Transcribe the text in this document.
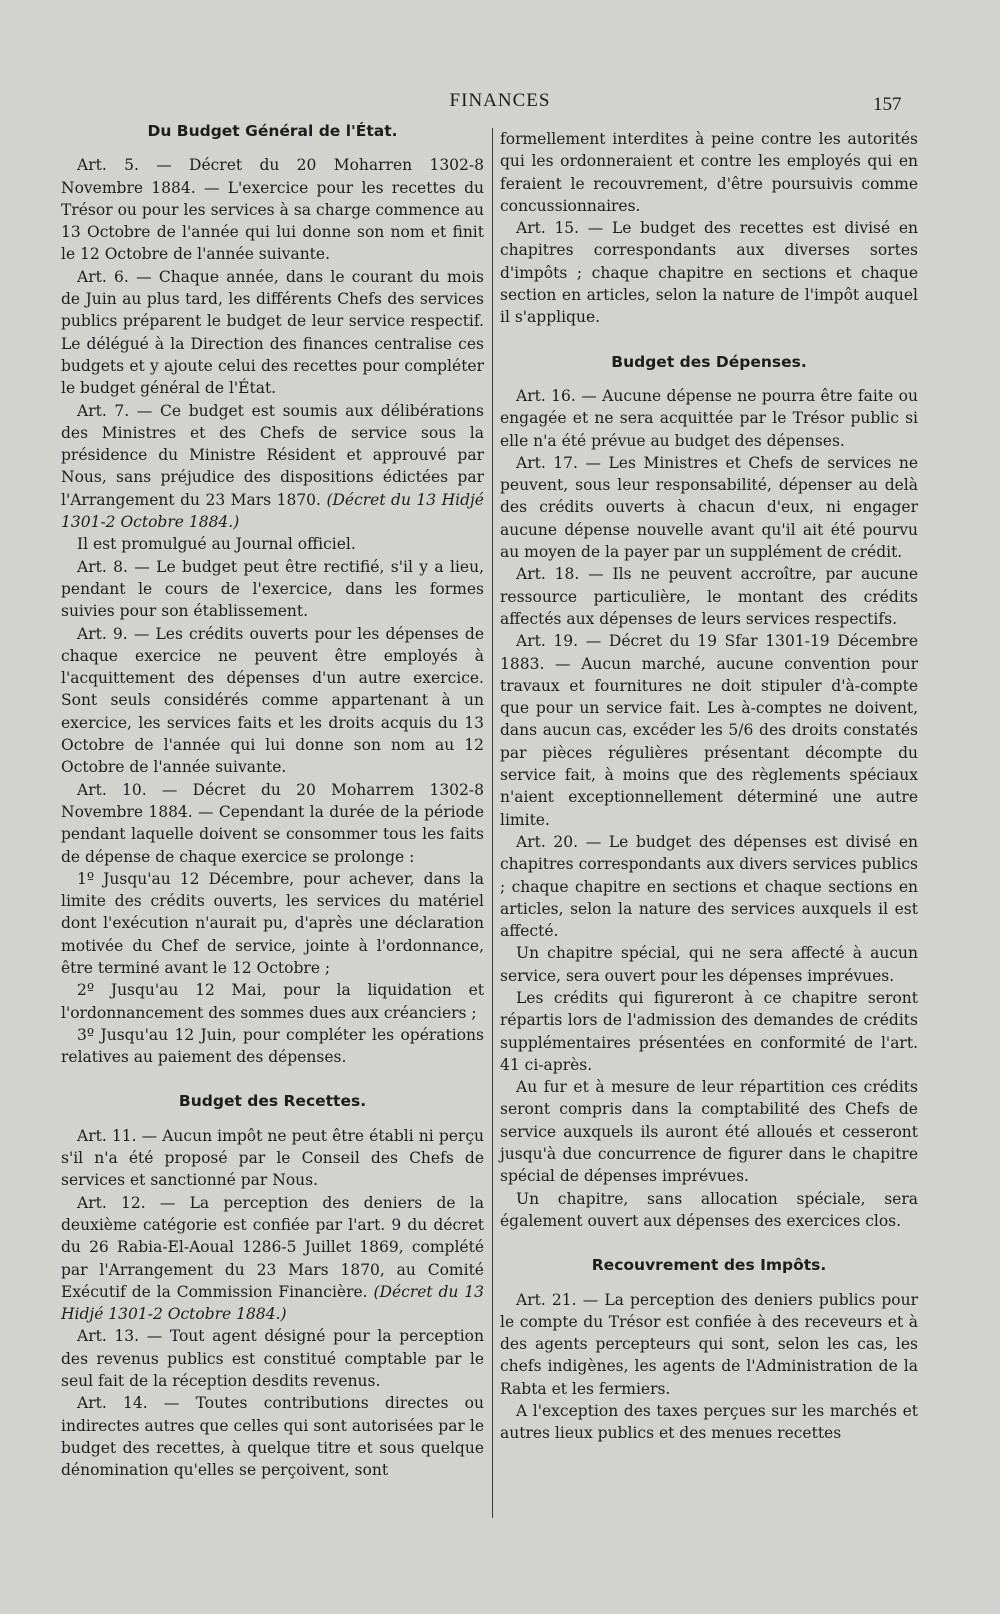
FINANCES	157

Du Budget Général de l'État.

Art. 5. — Décret du 20 Moharren 1302-8 Novembre 1884. — L'exercice pour les recettes du Trésor ou pour les services à sa charge commence au 13 Octobre de l'année qui lui donne son nom et finit le 12 Octobre de l'année suivante.

Art. 6. — Chaque année, dans le courant du mois de Juin au plus tard, les différents Chefs des services publics préparent le budget de leur service respectif. Le délégué à la Direction des finances centralise ces budgets et y ajoute celui des recettes pour compléter le budget général de l'État.

Art. 7. — Ce budget est soumis aux délibérations des Ministres et des Chefs de service sous la présidence du Ministre Résident et approuvé par Nous, sans préjudice des dispositions édictées par l'Arrangement du 23 Mars 1870. (Décret du 13 Hidjé 1301-2 Octobre 1884.)

Il est promulgué au Journal officiel.

Art. 8. — Le budget peut être rectifié, s'il y a lieu, pendant le cours de l'exercice, dans les formes suivies pour son établissement.

Art. 9. — Les crédits ouverts pour les dépenses de chaque exercice ne peuvent être employés à l'acquittement des dépenses d'un autre exercice. Sont seuls considérés comme appartenant à un exercice, les services faits et les droits acquis du 13 Octobre de l'année qui lui donne son nom au 12 Octobre de l'année suivante.

Art. 10. — Décret du 20 Moharrem 1302-8 Novembre 1884. — Cependant la durée de la période pendant laquelle doivent se consommer tous les faits de dépense de chaque exercice se prolonge :

1º Jusqu'au 12 Décembre, pour achever, dans la limite des crédits ouverts, les services du matériel dont l'exécution n'aurait pu, d'après une déclaration motivée du Chef de service, jointe à l'ordonnance, être terminé avant le 12 Octobre ;

2º Jusqu'au 12 Mai, pour la liquidation et l'ordonnancement des sommes dues aux créanciers ;

3º Jusqu'au 12 Juin, pour compléter les opérations relatives au paiement des dépenses.

Budget des Recettes.

Art. 11. — Aucun impôt ne peut être établi ni perçu s'il n'a été proposé par le Conseil des Chefs de services et sanctionné par Nous.

Art. 12. — La perception des deniers de la deuxième catégorie est confiée par l'art. 9 du décret du 26 Rabia-El-Aoual 1286-5 Juillet 1869, complété par l'Arrangement du 23 Mars 1870, au Comité Exécutif de la Commission Financière. (Décret du 13 Hidjé 1301-2 Octobre 1884.)

Art. 13. — Tout agent désigné pour la perception des revenus publics est constitué comptable par le seul fait de la réception desdits revenus.

Art. 14. — Toutes contributions directes ou indirectes autres que celles qui sont autorisées par le budget des recettes, à quelque titre et sous quelque dénomination qu'elles se perçoivent, sont

formellement interdites à peine contre les autorités qui les ordonneraient et contre les employés qui en feraient le recouvrement, d'être poursuivis comme concussionnaires.

Art. 15. — Le budget des recettes est divisé en chapitres correspondants aux diverses sortes d'impôts ; chaque chapitre en sections et chaque section en articles, selon la nature de l'impôt auquel il s'applique.

Budget des Dépenses.

Art. 16. — Aucune dépense ne pourra être faite ou engagée et ne sera acquittée par le Trésor public si elle n'a été prévue au budget des dépenses.

Art. 17. — Les Ministres et Chefs de services ne peuvent, sous leur responsabilité, dépenser au delà des crédits ouverts à chacun d'eux, ni engager aucune dépense nouvelle avant qu'il ait été pourvu au moyen de la payer par un supplément de crédit.

Art. 18. — Ils ne peuvent accroître, par aucune ressource particulière, le montant des crédits affectés aux dépenses de leurs services respectifs.

Art. 19. — Décret du 19 Sfar 1301-19 Décembre 1883. — Aucun marché, aucune convention pour travaux et fournitures ne doit stipuler d'à-compte que pour un service fait. Les à-comptes ne doivent, dans aucun cas, excéder les 5/6 des droits constatés par pièces régulières présentant décompte du service fait, à moins que des règlements spéciaux n'aient exceptionnellement déterminé une autre limite.

Art. 20. — Le budget des dépenses est divisé en chapitres correspondants aux divers services publics ; chaque chapitre en sections et chaque sections en articles, selon la nature des services auxquels il est affecté.

Un chapitre spécial, qui ne sera affecté à aucun service, sera ouvert pour les dépenses imprévues.

Les crédits qui figureront à ce chapitre seront répartis lors de l'admission des demandes de crédits supplémentaires présentées en conformité de l'art. 41 ci-après.

Au fur et à mesure de leur répartition ces crédits seront compris dans la comptabilité des Chefs de service auxquels ils auront été alloués et cesseront jusqu'à due concurrence de figurer dans le chapitre spécial de dépenses imprévues.

Un chapitre, sans allocation spéciale, sera également ouvert aux dépenses des exercices clos.

Recouvrement des Impôts.

Art. 21. — La perception des deniers publics pour le compte du Trésor est confiée à des receveurs et à des agents percepteurs qui sont, selon les cas, les chefs indigènes, les agents de l'Administration de la Rabta et les fermiers.

A l'exception des taxes perçues sur les marchés et autres lieux publics et des menues recettes
